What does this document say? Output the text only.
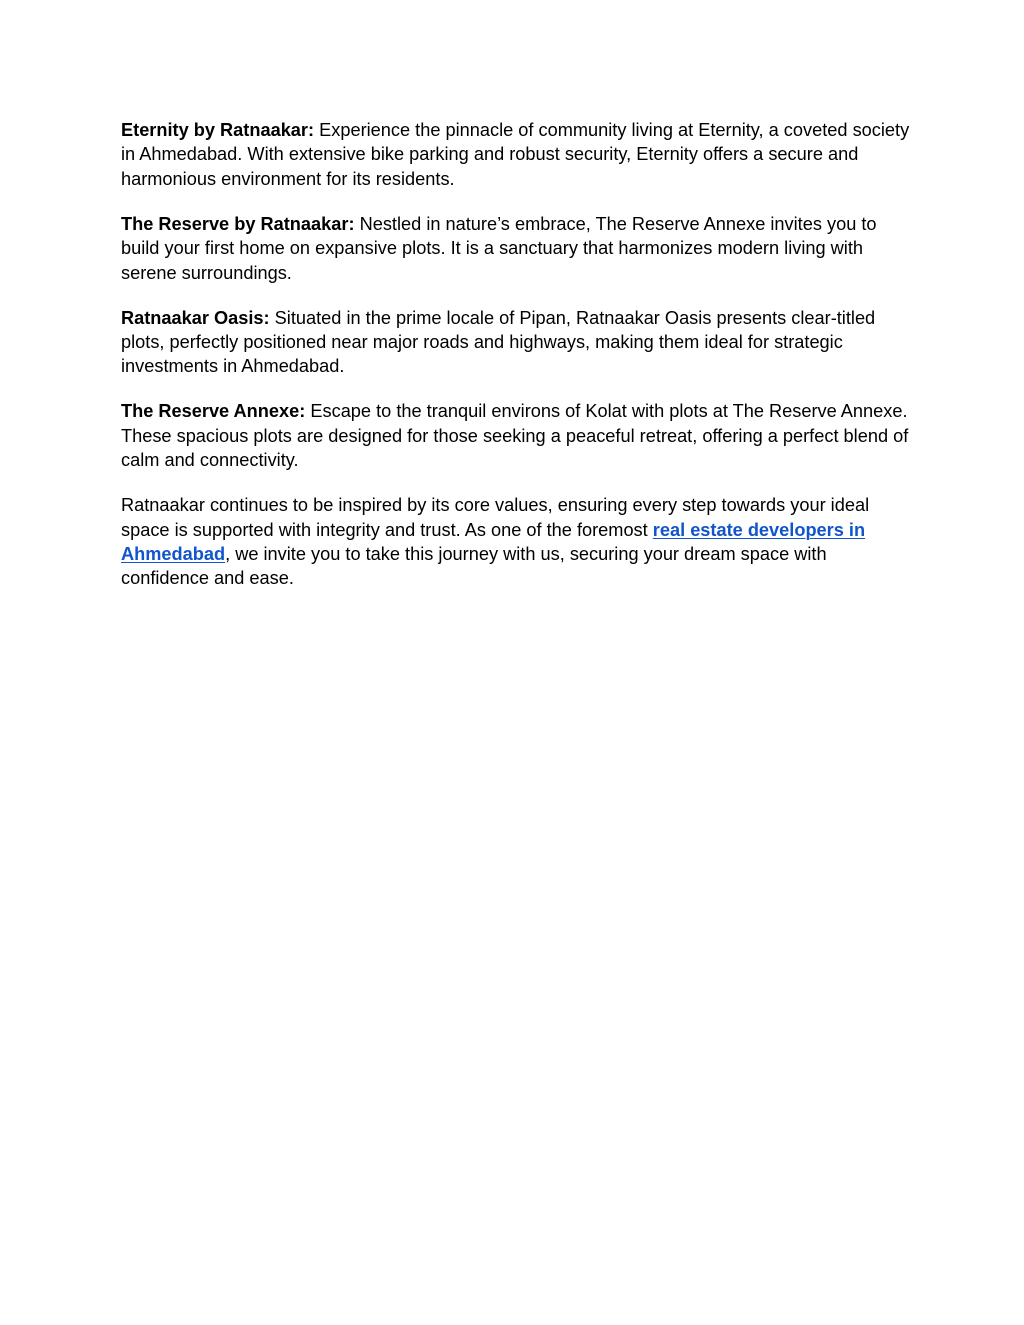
Eternity by Ratnaakar: Experience the pinnacle of community living at Eternity, a coveted society in Ahmedabad. With extensive bike parking and robust security, Eternity offers a secure and harmonious environment for its residents.

The Reserve by Ratnaakar: Nestled in nature’s embrace, The Reserve Annexe invites you to build your first home on expansive plots. It is a sanctuary that harmonizes modern living with serene surroundings.

Ratnaakar Oasis: Situated in the prime locale of Pipan, Ratnaakar Oasis presents clear-titled plots, perfectly positioned near major roads and highways, making them ideal for strategic investments in Ahmedabad.

The Reserve Annexe: Escape to the tranquil environs of Kolat with plots at The Reserve Annexe. These spacious plots are designed for those seeking a peaceful retreat, offering a perfect blend of calm and connectivity.

Ratnaakar continues to be inspired by its core values, ensuring every step towards your ideal space is supported with integrity and trust. As one of the foremost real estate developers in Ahmedabad, we invite you to take this journey with us, securing your dream space with confidence and ease.
